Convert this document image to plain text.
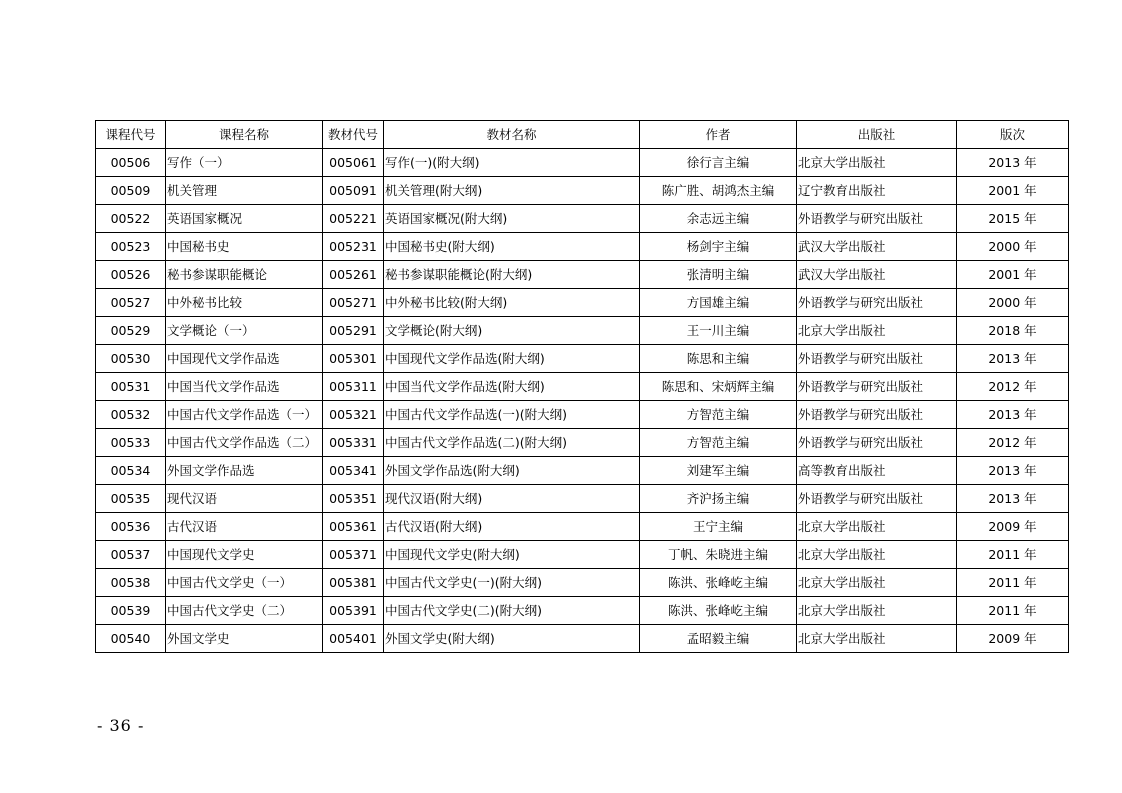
课程代号	课程名称	教材代号	教材名称	作者	出版社	版次
00506	写作（一）	005061	写作(一)(附大纲)	徐行言主编	北京大学出版社	2013 年
00509	机关管理	005091	机关管理(附大纲)	陈广胜、胡鸿杰主编	辽宁教育出版社	2001 年
00522	英语国家概况	005221	英语国家概况(附大纲)	余志远主编	外语教学与研究出版社	2015 年
00523	中国秘书史	005231	中国秘书史(附大纲)	杨剑宇主编	武汉大学出版社	2000 年
00526	秘书参谋职能概论	005261	秘书参谋职能概论(附大纲)	张清明主编	武汉大学出版社	2001 年
00527	中外秘书比较	005271	中外秘书比较(附大纲)	方国雄主编	外语教学与研究出版社	2000 年
00529	文学概论（一）	005291	文学概论(附大纲)	王一川主编	北京大学出版社	2018 年
00530	中国现代文学作品选	005301	中国现代文学作品选(附大纲)	陈思和主编	外语教学与研究出版社	2013 年
00531	中国当代文学作品选	005311	中国当代文学作品选(附大纲)	陈思和、宋炳辉主编	外语教学与研究出版社	2012 年
00532	中国古代文学作品选（一）	005321	中国古代文学作品选(一)(附大纲)	方智范主编	外语教学与研究出版社	2013 年
00533	中国古代文学作品选（二）	005331	中国古代文学作品选(二)(附大纲)	方智范主编	外语教学与研究出版社	2012 年
00534	外国文学作品选	005341	外国文学作品选(附大纲)	刘建军主编	高等教育出版社	2013 年
00535	现代汉语	005351	现代汉语(附大纲)	齐沪扬主编	外语教学与研究出版社	2013 年
00536	古代汉语	005361	古代汉语(附大纲)	王宁主编	北京大学出版社	2009 年
00537	中国现代文学史	005371	中国现代文学史(附大纲)	丁帆、朱晓进主编	北京大学出版社	2011 年
00538	中国古代文学史（一）	005381	中国古代文学史(一)(附大纲)	陈洪、张峰屹主编	北京大学出版社	2011 年
00539	中国古代文学史（二）	005391	中国古代文学史(二)(附大纲)	陈洪、张峰屹主编	北京大学出版社	2011 年
00540	外国文学史	005401	外国文学史(附大纲)	孟昭毅主编	北京大学出版社	2009 年
- 36 -
